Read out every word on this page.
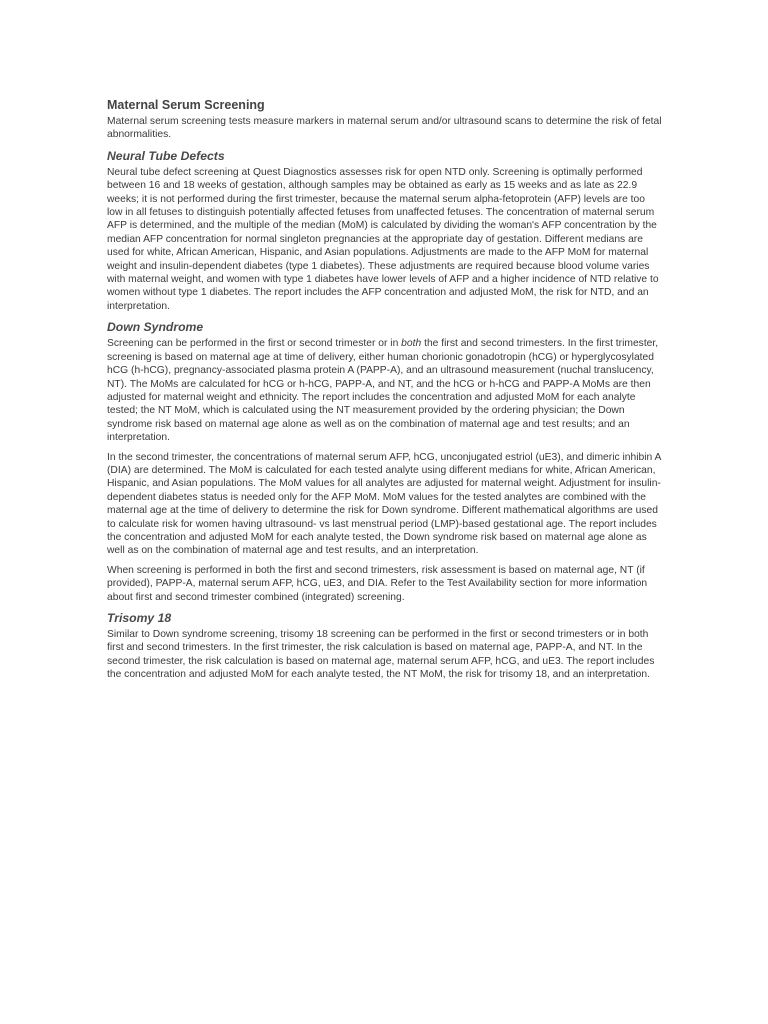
Maternal Serum Screening

Maternal serum screening tests measure markers in maternal serum and/or ultrasound scans to determine the risk of fetal abnormalities.

Neural Tube Defects

Neural tube defect screening at Quest Diagnostics assesses risk for open NTD only. Screening is optimally performed between 16 and 18 weeks of gestation, although samples may be obtained as early as 15 weeks and as late as 22.9 weeks; it is not performed during the first trimester, because the maternal serum alpha-fetoprotein (AFP) levels are too low in all fetuses to distinguish potentially affected fetuses from unaffected fetuses. The concentration of maternal serum AFP is determined, and the multiple of the median (MoM) is calculated by dividing the woman's AFP concentration by the median AFP concentration for normal singleton pregnancies at the appropriate day of gestation. Different medians are used for white, African American, Hispanic, and Asian populations. Adjustments are made to the AFP MoM for maternal weight and insulin-dependent diabetes (type 1 diabetes). These adjustments are required because blood volume varies with maternal weight, and women with type 1 diabetes have lower levels of AFP and a higher incidence of NTD relative to women without type 1 diabetes. The report includes the AFP concentration and adjusted MoM, the risk for NTD, and an interpretation.

Down Syndrome

Screening can be performed in the first or second trimester or in both the first and second trimesters. In the first trimester, screening is based on maternal age at time of delivery, either human chorionic gonadotropin (hCG) or hyperglycosylated hCG (h-hCG), pregnancy-associated plasma protein A (PAPP-A), and an ultrasound measurement (nuchal translucency, NT). The MoMs are calculated for hCG or h-hCG, PAPP-A, and NT, and the hCG or h-hCG and PAPP-A MoMs are then adjusted for maternal weight and ethnicity. The report includes the concentration and adjusted MoM for each analyte tested; the NT MoM, which is calculated using the NT measurement provided by the ordering physician; the Down syndrome risk based on maternal age alone as well as on the combination of maternal age and test results; and an interpretation.

In the second trimester, the concentrations of maternal serum AFP, hCG, unconjugated estriol (uE3), and dimeric inhibin A (DIA) are determined. The MoM is calculated for each tested analyte using different medians for white, African American, Hispanic, and Asian populations. The MoM values for all analytes are adjusted for maternal weight. Adjustment for insulin-dependent diabetes status is needed only for the AFP MoM. MoM values for the tested analytes are combined with the maternal age at the time of delivery to determine the risk for Down syndrome. Different mathematical algorithms are used to calculate risk for women having ultrasound- vs last menstrual period (LMP)-based gestational age. The report includes the concentration and adjusted MoM for each analyte tested, the Down syndrome risk based on maternal age alone as well as on the combination of maternal age and test results, and an interpretation.

When screening is performed in both the first and second trimesters, risk assessment is based on maternal age, NT (if provided), PAPP-A, maternal serum AFP, hCG, uE3, and DIA. Refer to the Test Availability section for more information about first and second trimester combined (integrated) screening.

Trisomy 18

Similar to Down syndrome screening, trisomy 18 screening can be performed in the first or second trimesters or in both first and second trimesters. In the first trimester, the risk calculation is based on maternal age, PAPP-A, and NT. In the second trimester, the risk calculation is based on maternal age, maternal serum AFP, hCG, and uE3. The report includes the concentration and adjusted MoM for each analyte tested, the NT MoM, the risk for trisomy 18, and an interpretation.
